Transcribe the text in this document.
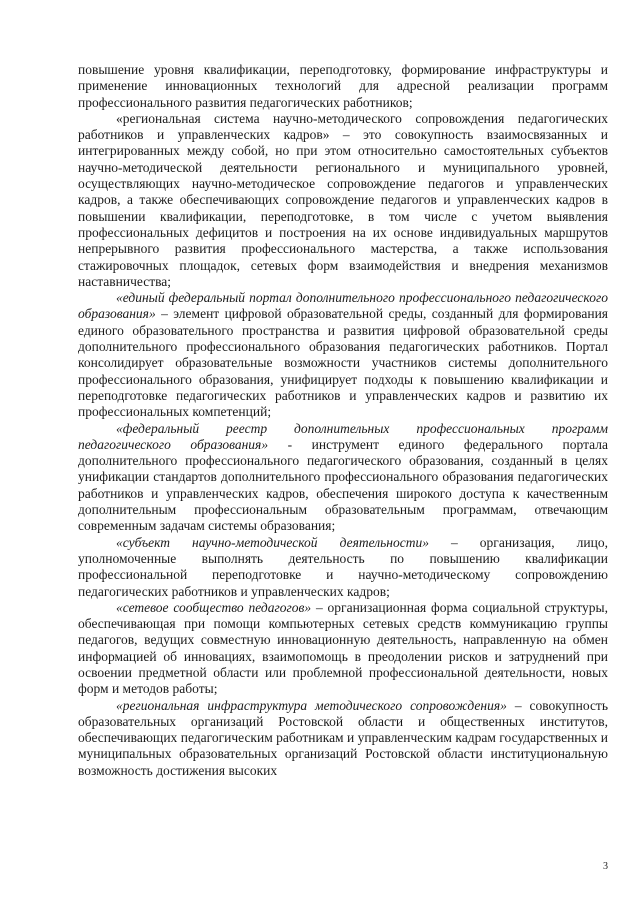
повышение уровня квалификации, переподготовку, формирование инфраструктуры и применение инновационных технологий для адресной реализации программ профессионального развития педагогических работников;

«региональная система научно-методического сопровождения педагогических работников и управленческих кадров» – это совокупность взаимосвязанных и интегрированных между собой, но при этом относительно самостоятельных субъектов научно-методической деятельности регионального и муниципального уровней, осуществляющих научно-методическое сопровождение педагогов и управленческих кадров, а также обеспечивающих сопровождение педагогов и управленческих кадров в повышении квалификации, переподготовке, в том числе с учетом выявления профессиональных дефицитов и построения на их основе индивидуальных маршрутов непрерывного развития профессионального мастерства, а также использования стажировочных площадок, сетевых форм взаимодействия и внедрения механизмов наставничества;

«единый федеральный портал дополнительного профессионального педагогического образования» – элемент цифровой образовательной среды, созданный для формирования единого образовательного пространства и развития цифровой образовательной среды дополнительного профессионального образования педагогических работников. Портал консолидирует образовательные возможности участников системы дополнительного профессионального образования, унифицирует подходы к повышению квалификации и переподготовке педагогических работников и управленческих кадров и развитию их профессиональных компетенций;

«федеральный реестр дополнительных профессиональных программ педагогического образования» - инструмент единого федерального портала дополнительного профессионального педагогического образования, созданный в целях унификации стандартов дополнительного профессионального образования педагогических работников и управленческих кадров, обеспечения широкого доступа к качественным дополнительным профессиональным образовательным программам, отвечающим современным задачам системы образования;

«субъект научно-методической деятельности» – организация, лицо, уполномоченные выполнять деятельность по повышению квалификации профессиональной переподготовке и научно-методическому сопровождению педагогических работников и управленческих кадров;

«сетевое сообщество педагогов» – организационная форма социальной структуры, обеспечивающая при помощи компьютерных сетевых средств коммуникацию группы педагогов, ведущих совместную инновационную деятельность, направленную на обмен информацией об инновациях, взаимопомощь в преодолении рисков и затруднений при освоении предметной области или проблемной профессиональной деятельности, новых форм и методов работы;

«региональная инфраструктура методического сопровождения» – совокупность образовательных организаций Ростовской области и общественных институтов, обеспечивающих педагогическим работникам и управленческим кадрам государственных и муниципальных образовательных организаций Ростовской области институциональную возможность достижения высоких

3
